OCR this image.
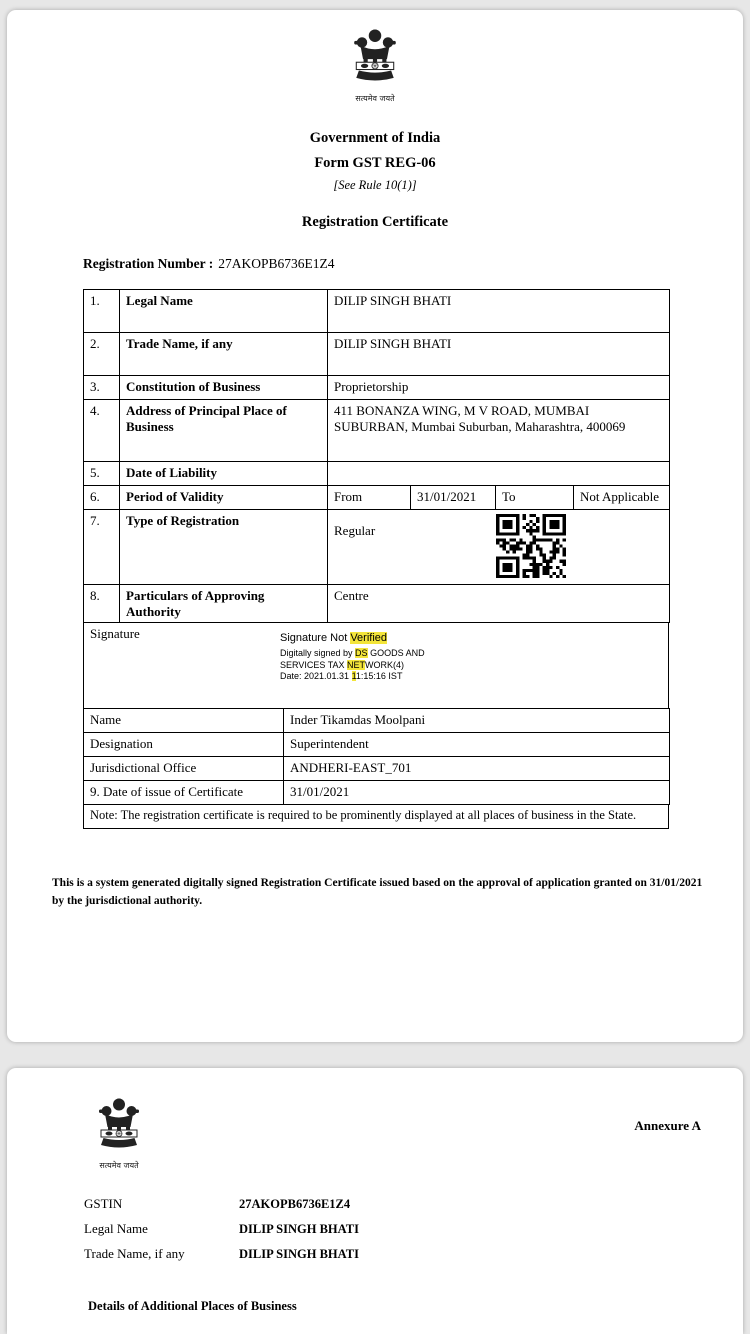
सत्यमेव जयते
Government of India
Form GST REG-06
[See Rule 10(1)]
Registration Certificate
Registration Number : 27AKOPB6736E1Z4
1.	Legal Name	DILIP SINGH BHATI			
2.	Trade Name, if any	DILIP SINGH BHATI			
3.	Constitution of Business	Proprietorship			
4.	Address of Principal Place of Business	411 BONANZA WING, M V ROAD, MUMBAI SUBURBAN, Mumbai Suburban, Maharashtra, 400069			
5.	Date of Liability				
6.	Period of Validity	From	31/01/2021	To	Not Applicable
7.	Type of Registration	Regular			

8.	Particulars of Approving Authority	Centre			
Signature	Signature Not Verified
Digitally signed by DS GOODS AND
SERVICES TAX NETWORK(4)
Date: 2021.01.31 11:15:16 IST
Name	Inder Tikamdas Moolpani
Designation	Superintendent
Jurisdictional Office	ANDHERI-EAST_701
9. Date of issue of Certificate	31/01/2021
Note: The registration certificate is required to be prominently displayed at all places of business in the State.
This is a system generated digitally signed Registration Certificate issued based on the approval of application granted on 31/01/2021 by the jurisdictional authority.
सत्यमेव जयते
Annexure A
GSTIN	27AKOPB6736E1Z4
Legal Name	DILIP SINGH BHATI
Trade Name, if any	DILIP SINGH BHATI
Details of Additional Places of Business
